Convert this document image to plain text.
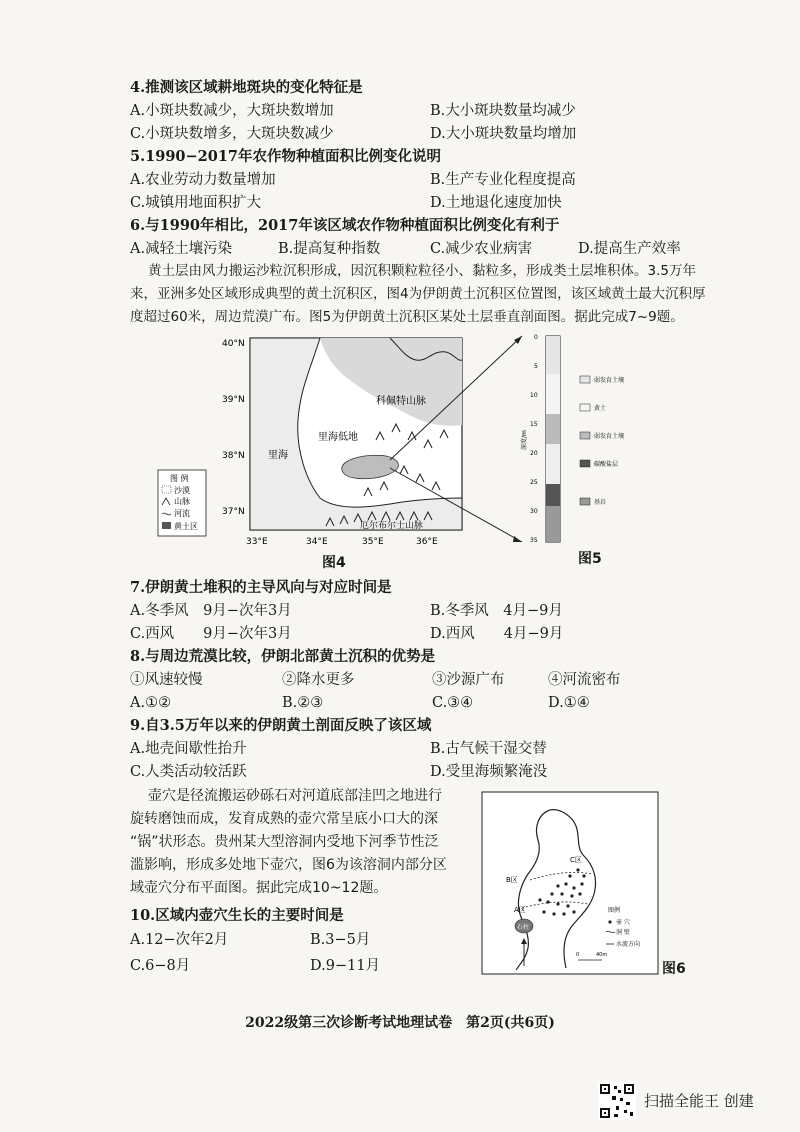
4.推测该区域耕地斑块的变化特征是
A.小斑块数减少，大斑块数增加	B.大小斑块数量均减少
C.小斑块数增多，大斑块数减少	D.大小斑块数量均增加
5.1990−2017年农作物种植面积比例变化说明
A.农业劳动力数量增加	B.生产专业化程度提高
C.城镇用地面积扩大	D.土地退化速度加快
6.与1990年相比，2017年该区域农作物种植面积比例变化有利于
A.减轻土壤污染	B.提高复种指数	C.减少农业病害	D.提高生产效率
黄土层由风力搬运沙粒沉积形成，因沉积颗粒粒径小、黏粒多，形成类土层堆积体。3.5万年
来，亚洲多处区域形成典型的黄土沉积区，图4为伊朗黄土沉积区位置图，该区域黄土最大沉积厚
度超过60米，周边荒漠广布。图5为伊朗黄土沉积区某处土层垂直剖面图。据此完成7~9题。
40°N
39°N
38°N
37°N
33°E	34°E	35°E	36°E
里海
里海低地
科佩特山脉
厄尔布尔士山脉
图 例
沙漠
山脉
河流
黄土区
图4
0
5
10
15
20
25
30
35
深度/m
弱发育土壤
黄土
弱发育土壤
碳酸盐层
基岩
图5
7.伊朗黄土堆积的主导风向与对应时间是
A.冬季风　9月−次年3月	B.冬季风　4月−9月
C.西风　　9月−次年3月	D.西风　　4月−9月
8.与周边荒漠比较，伊朗北部黄土沉积的优势是
①风速较慢	②降水更多	③沙源广布	④河流密布
A.①②	B.②③	C.③④	D.①④
9.自3.5万年以来的伊朗黄土剖面反映了该区域
A.地壳间歇性抬升	B.古气候干湿交替
C.人类活动较活跃	D.受里海频繁淹没
壶穴是径流搬运砂砾石对河道底部洼凹之地进行
旋转磨蚀而成，发育成熟的壶穴常呈底小口大的深
“锅”状形态。贵州某大型溶洞内受地下河季节性泛
滥影响，形成多处地下壶穴，图6为该溶洞内部分区
域壶穴分布平面图。据此完成10~12题。
10.区域内壶穴生长的主要时间是
A.12−次年2月	B.3−5月
C.6−8月	D.9−11月
石柱
C区
B区
A区	图例
壶 穴
洞 壁
水流方向
0	40m
图6
2022级第三次诊断考试地理试卷　第2页(共6页)
扫描全能王 创建
